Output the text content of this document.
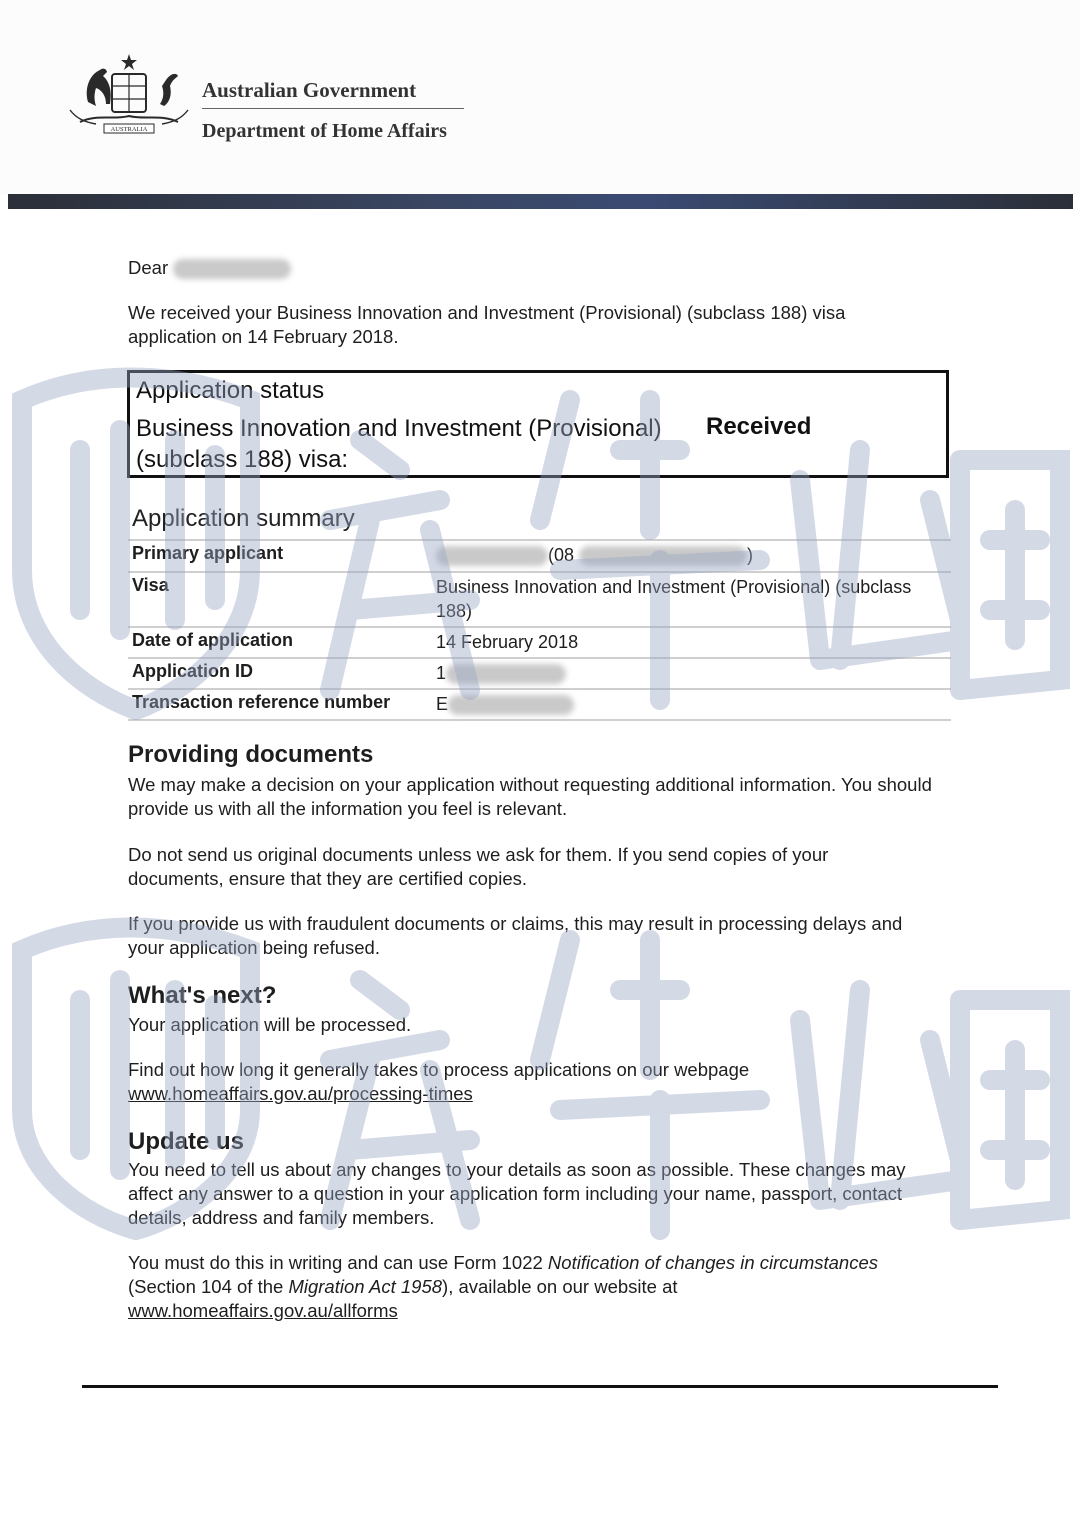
AUSTRALIA
Australian Government
Department of Home Affairs
Dear
We received your Business Innovation and Investment (Provisional) (subclass 188) visa application on 14 February 2018.
Application status
Business Innovation and Investment (Provisional) (subclass 188) visa:
Received
Application summary
Primary applicant	(08	)
Visa	Business Innovation and Investment (Provisional) (subclass 188)
Date of application	14 February 2018
Application ID	1
Transaction reference number	E
Providing documents
We may make a decision on your application without requesting additional information. You should provide us with all the information you feel is relevant.
Do not send us original documents unless we ask for them. If you send copies of your documents, ensure that they are certified copies.
If you provide us with fraudulent documents or claims, this may result in processing delays and your application being refused.
What's next?
Your application will be processed.
Find out how long it generally takes to process applications on our webpage
www.homeaffairs.gov.au/processing-times
Update us
You need to tell us about any changes to your details as soon as possible. These changes may affect any answer to a question in your application form including your name, passport, contact details, address and family members.
You must do this in writing and can use Form 1022 Notification of changes in circumstances (Section 104 of the Migration Act 1958), available on our website at
www.homeaffairs.gov.au/allforms
